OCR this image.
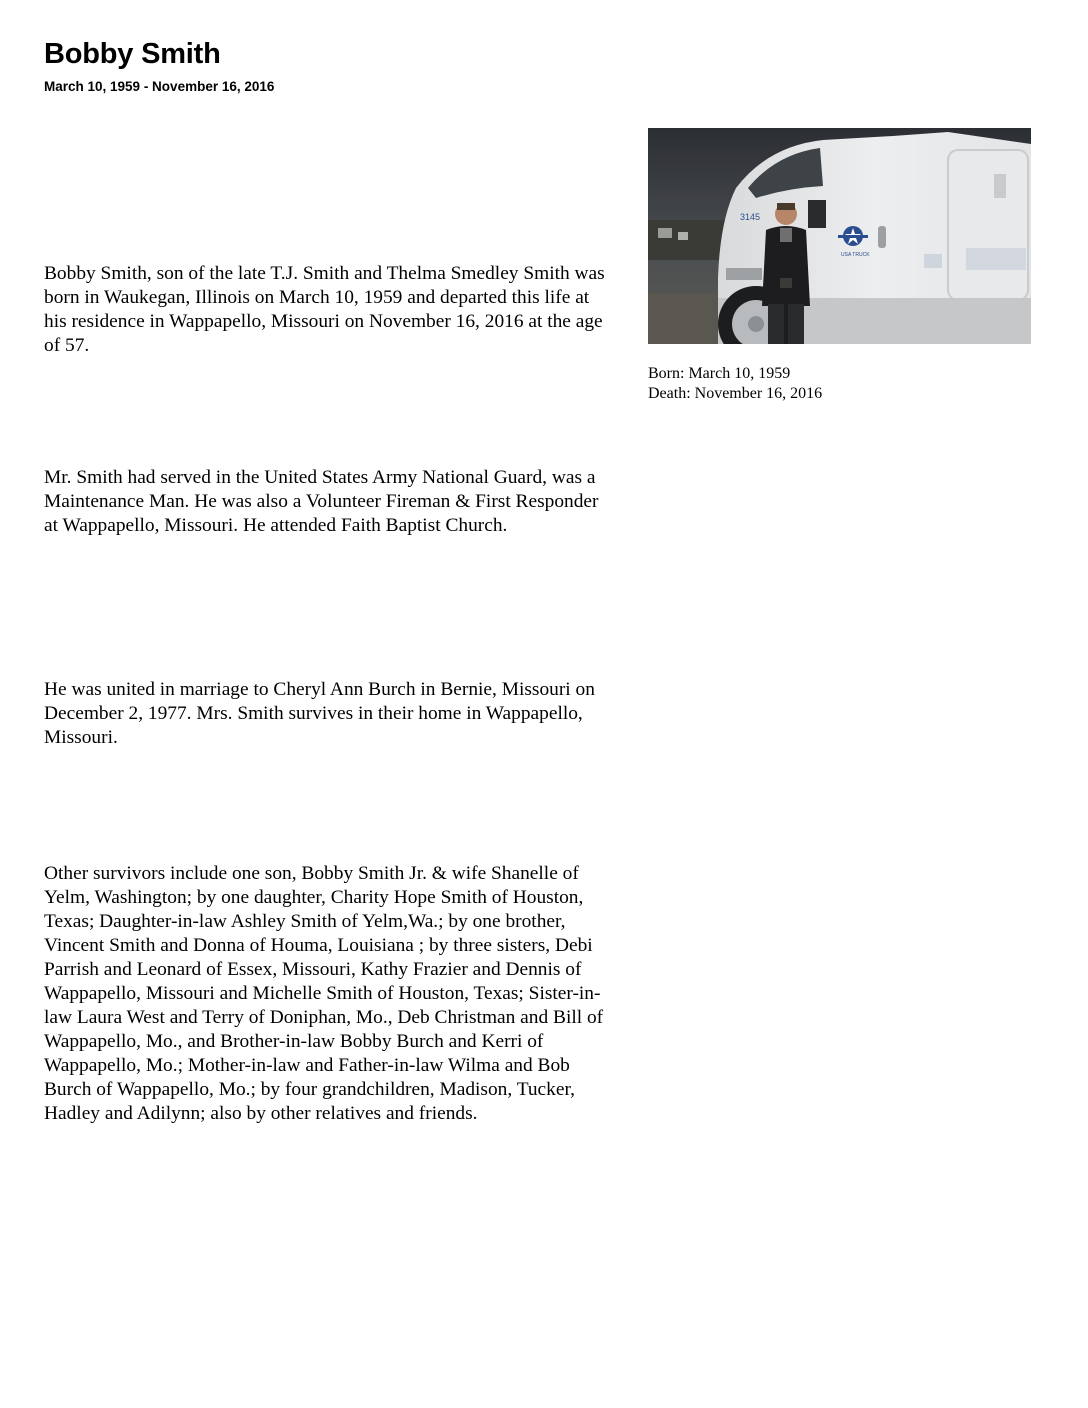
Bobby Smith

March 10, 1959 - November 16, 2016

Bobby Smith, son of the late T.J. Smith and Thelma Smedley Smith was born in Waukegan, Illinois on March 10, 1959 and departed this life at his residence in Wappapello, Missouri on November 16, 2016 at the age of 57.

Mr. Smith had served in the United States Army National Guard, was a Maintenance Man. He was also a Volunteer Fireman & First Responder at Wappapello, Missouri. He attended Faith Baptist Church.

He was united in marriage to Cheryl Ann Burch in Bernie, Missouri on December 2, 1977. Mrs. Smith survives in their home in Wappapello, Missouri.

Other survivors include one son, Bobby Smith Jr. & wife Shanelle of Yelm, Washington; by one daughter, Charity Hope Smith of Houston, Texas; Daughter-in-law Ashley Smith of Yelm,Wa.; by one brother, Vincent Smith and Donna of Houma, Louisiana ; by three sisters, Debi Parrish and Leonard of Essex, Missouri, Kathy Frazier and Dennis of Wappapello, Missouri and Michelle Smith of Houston, Texas; Sister-in-law Laura West and Terry of Doniphan, Mo., Deb Christman and Bill of Wappapello, Mo., and Brother-in-law Bobby Burch and Kerri of Wappapello, Mo.; Mother-in-law and Father-in-law Wilma and Bob Burch of Wappapello, Mo.; by four grandchildren, Madison, Tucker, Hadley and Adilynn; also by other relatives and friends.

3145
USA TRUCK
Born: March 10, 1959
Death: November 16, 2016
